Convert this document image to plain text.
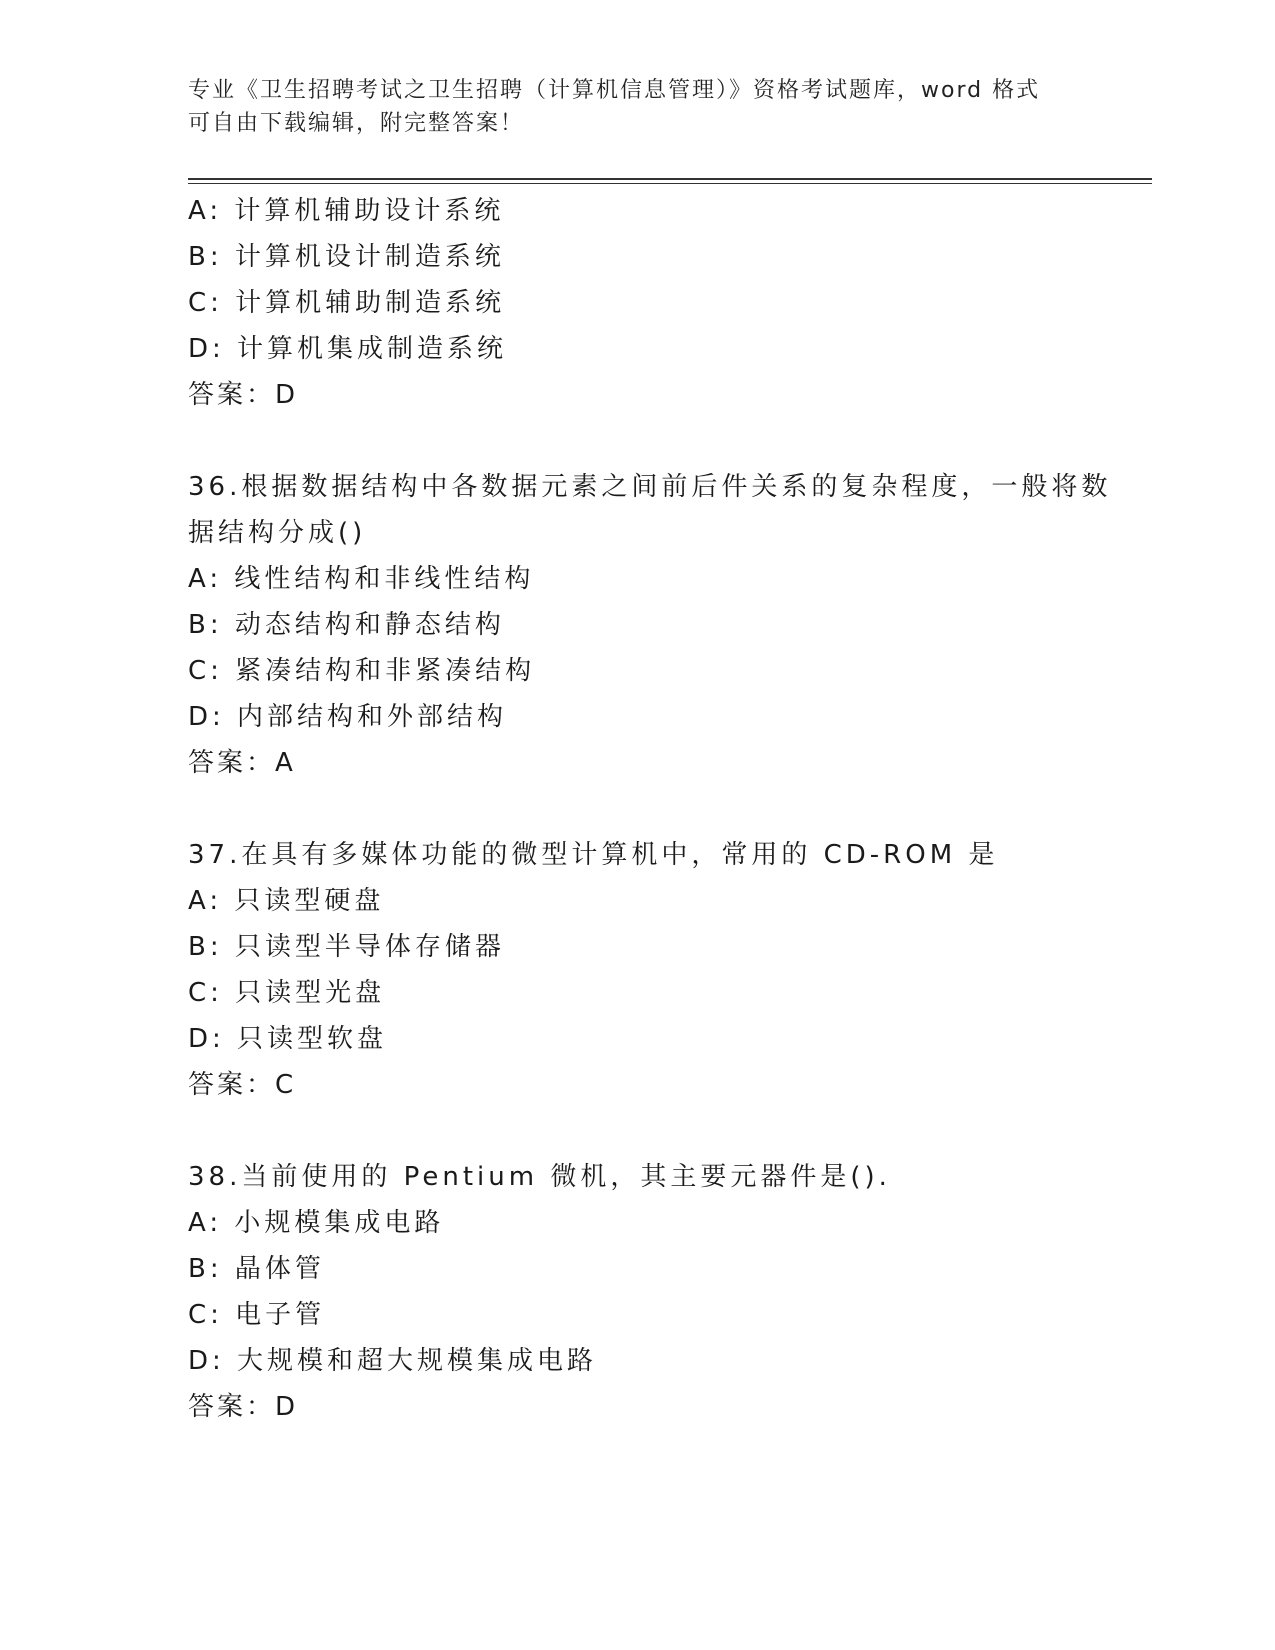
专业《卫生招聘考试之卫生招聘（计算机信息管理）》资格考试题库，word 格式
可自由下载编辑，附完整答案！
A: 计算机辅助设计系统
B: 计算机设计制造系统
C: 计算机辅助制造系统
D: 计算机集成制造系统
答案：D
36.根据数据结构中各数据元素之间前后件关系的复杂程度，一般将数
据结构分成()
A: 线性结构和非线性结构
B: 动态结构和静态结构
C: 紧凑结构和非紧凑结构
D: 内部结构和外部结构
答案：A
37.在具有多媒体功能的微型计算机中，常用的 CD-ROM 是
A: 只读型硬盘
B: 只读型半导体存储器
C: 只读型光盘
D: 只读型软盘
答案：C
38.当前使用的 Pentium 微机，其主要元器件是().
A: 小规模集成电路
B: 晶体管
C: 电子管
D: 大规模和超大规模集成电路
答案：D
